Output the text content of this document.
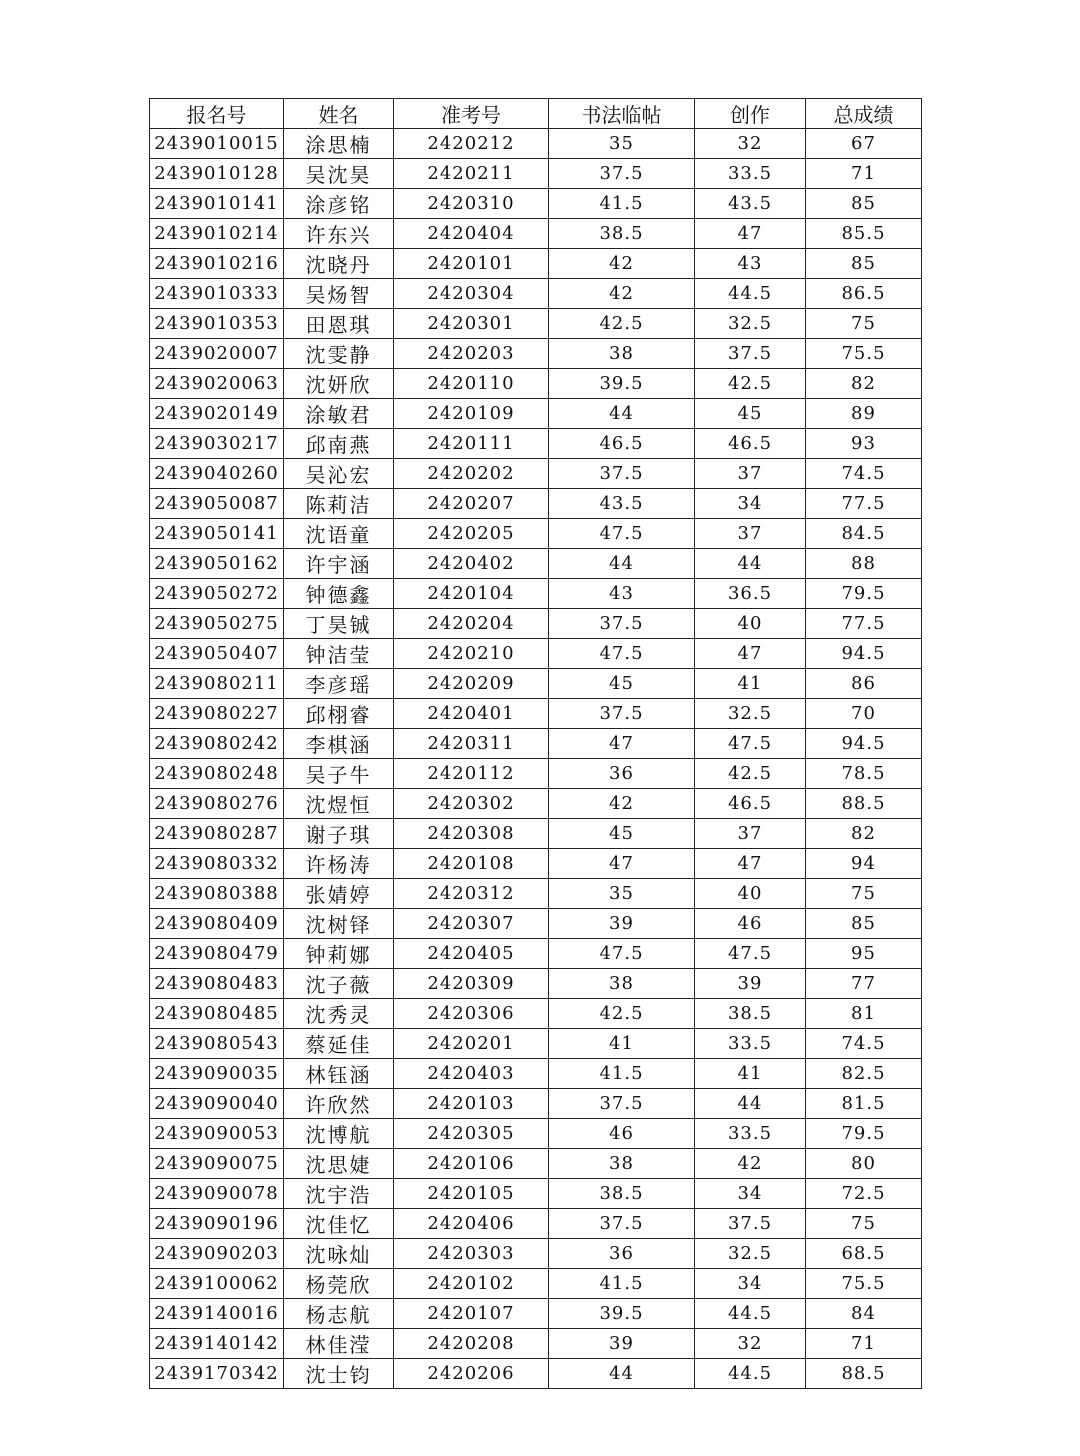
报名号	姓名	准考号	书法临帖	创作	总成绩
2439010015	涂思楠	2420212	35	32	67
2439010128	吴沈昊	2420211	37.5	33.5	71
2439010141	涂彦铭	2420310	41.5	43.5	85
2439010214	许东兴	2420404	38.5	47	85.5
2439010216	沈晓丹	2420101	42	43	85
2439010333	吴炀智	2420304	42	44.5	86.5
2439010353	田恩琪	2420301	42.5	32.5	75
2439020007	沈雯静	2420203	38	37.5	75.5
2439020063	沈妍欣	2420110	39.5	42.5	82
2439020149	涂敏君	2420109	44	45	89
2439030217	邱南燕	2420111	46.5	46.5	93
2439040260	吴沁宏	2420202	37.5	37	74.5
2439050087	陈莉洁	2420207	43.5	34	77.5
2439050141	沈语童	2420205	47.5	37	84.5
2439050162	许宇涵	2420402	44	44	88
2439050272	钟德鑫	2420104	43	36.5	79.5
2439050275	丁昊铖	2420204	37.5	40	77.5
2439050407	钟洁莹	2420210	47.5	47	94.5
2439080211	李彦瑶	2420209	45	41	86
2439080227	邱栩睿	2420401	37.5	32.5	70
2439080242	李棋涵	2420311	47	47.5	94.5
2439080248	吴子牛	2420112	36	42.5	78.5
2439080276	沈煜恒	2420302	42	46.5	88.5
2439080287	谢子琪	2420308	45	37	82
2439080332	许杨涛	2420108	47	47	94
2439080388	张婧婷	2420312	35	40	75
2439080409	沈树铎	2420307	39	46	85
2439080479	钟莉娜	2420405	47.5	47.5	95
2439080483	沈子薇	2420309	38	39	77
2439080485	沈秀灵	2420306	42.5	38.5	81
2439080543	蔡延佳	2420201	41	33.5	74.5
2439090035	林钰涵	2420403	41.5	41	82.5
2439090040	许欣然	2420103	37.5	44	81.5
2439090053	沈博航	2420305	46	33.5	79.5
2439090075	沈思婕	2420106	38	42	80
2439090078	沈宇浩	2420105	38.5	34	72.5
2439090196	沈佳忆	2420406	37.5	37.5	75
2439090203	沈咏灿	2420303	36	32.5	68.5
2439100062	杨莞欣	2420102	41.5	34	75.5
2439140016	杨志航	2420107	39.5	44.5	84
2439140142	林佳滢	2420208	39	32	71
2439170342	沈士钧	2420206	44	44.5	88.5
